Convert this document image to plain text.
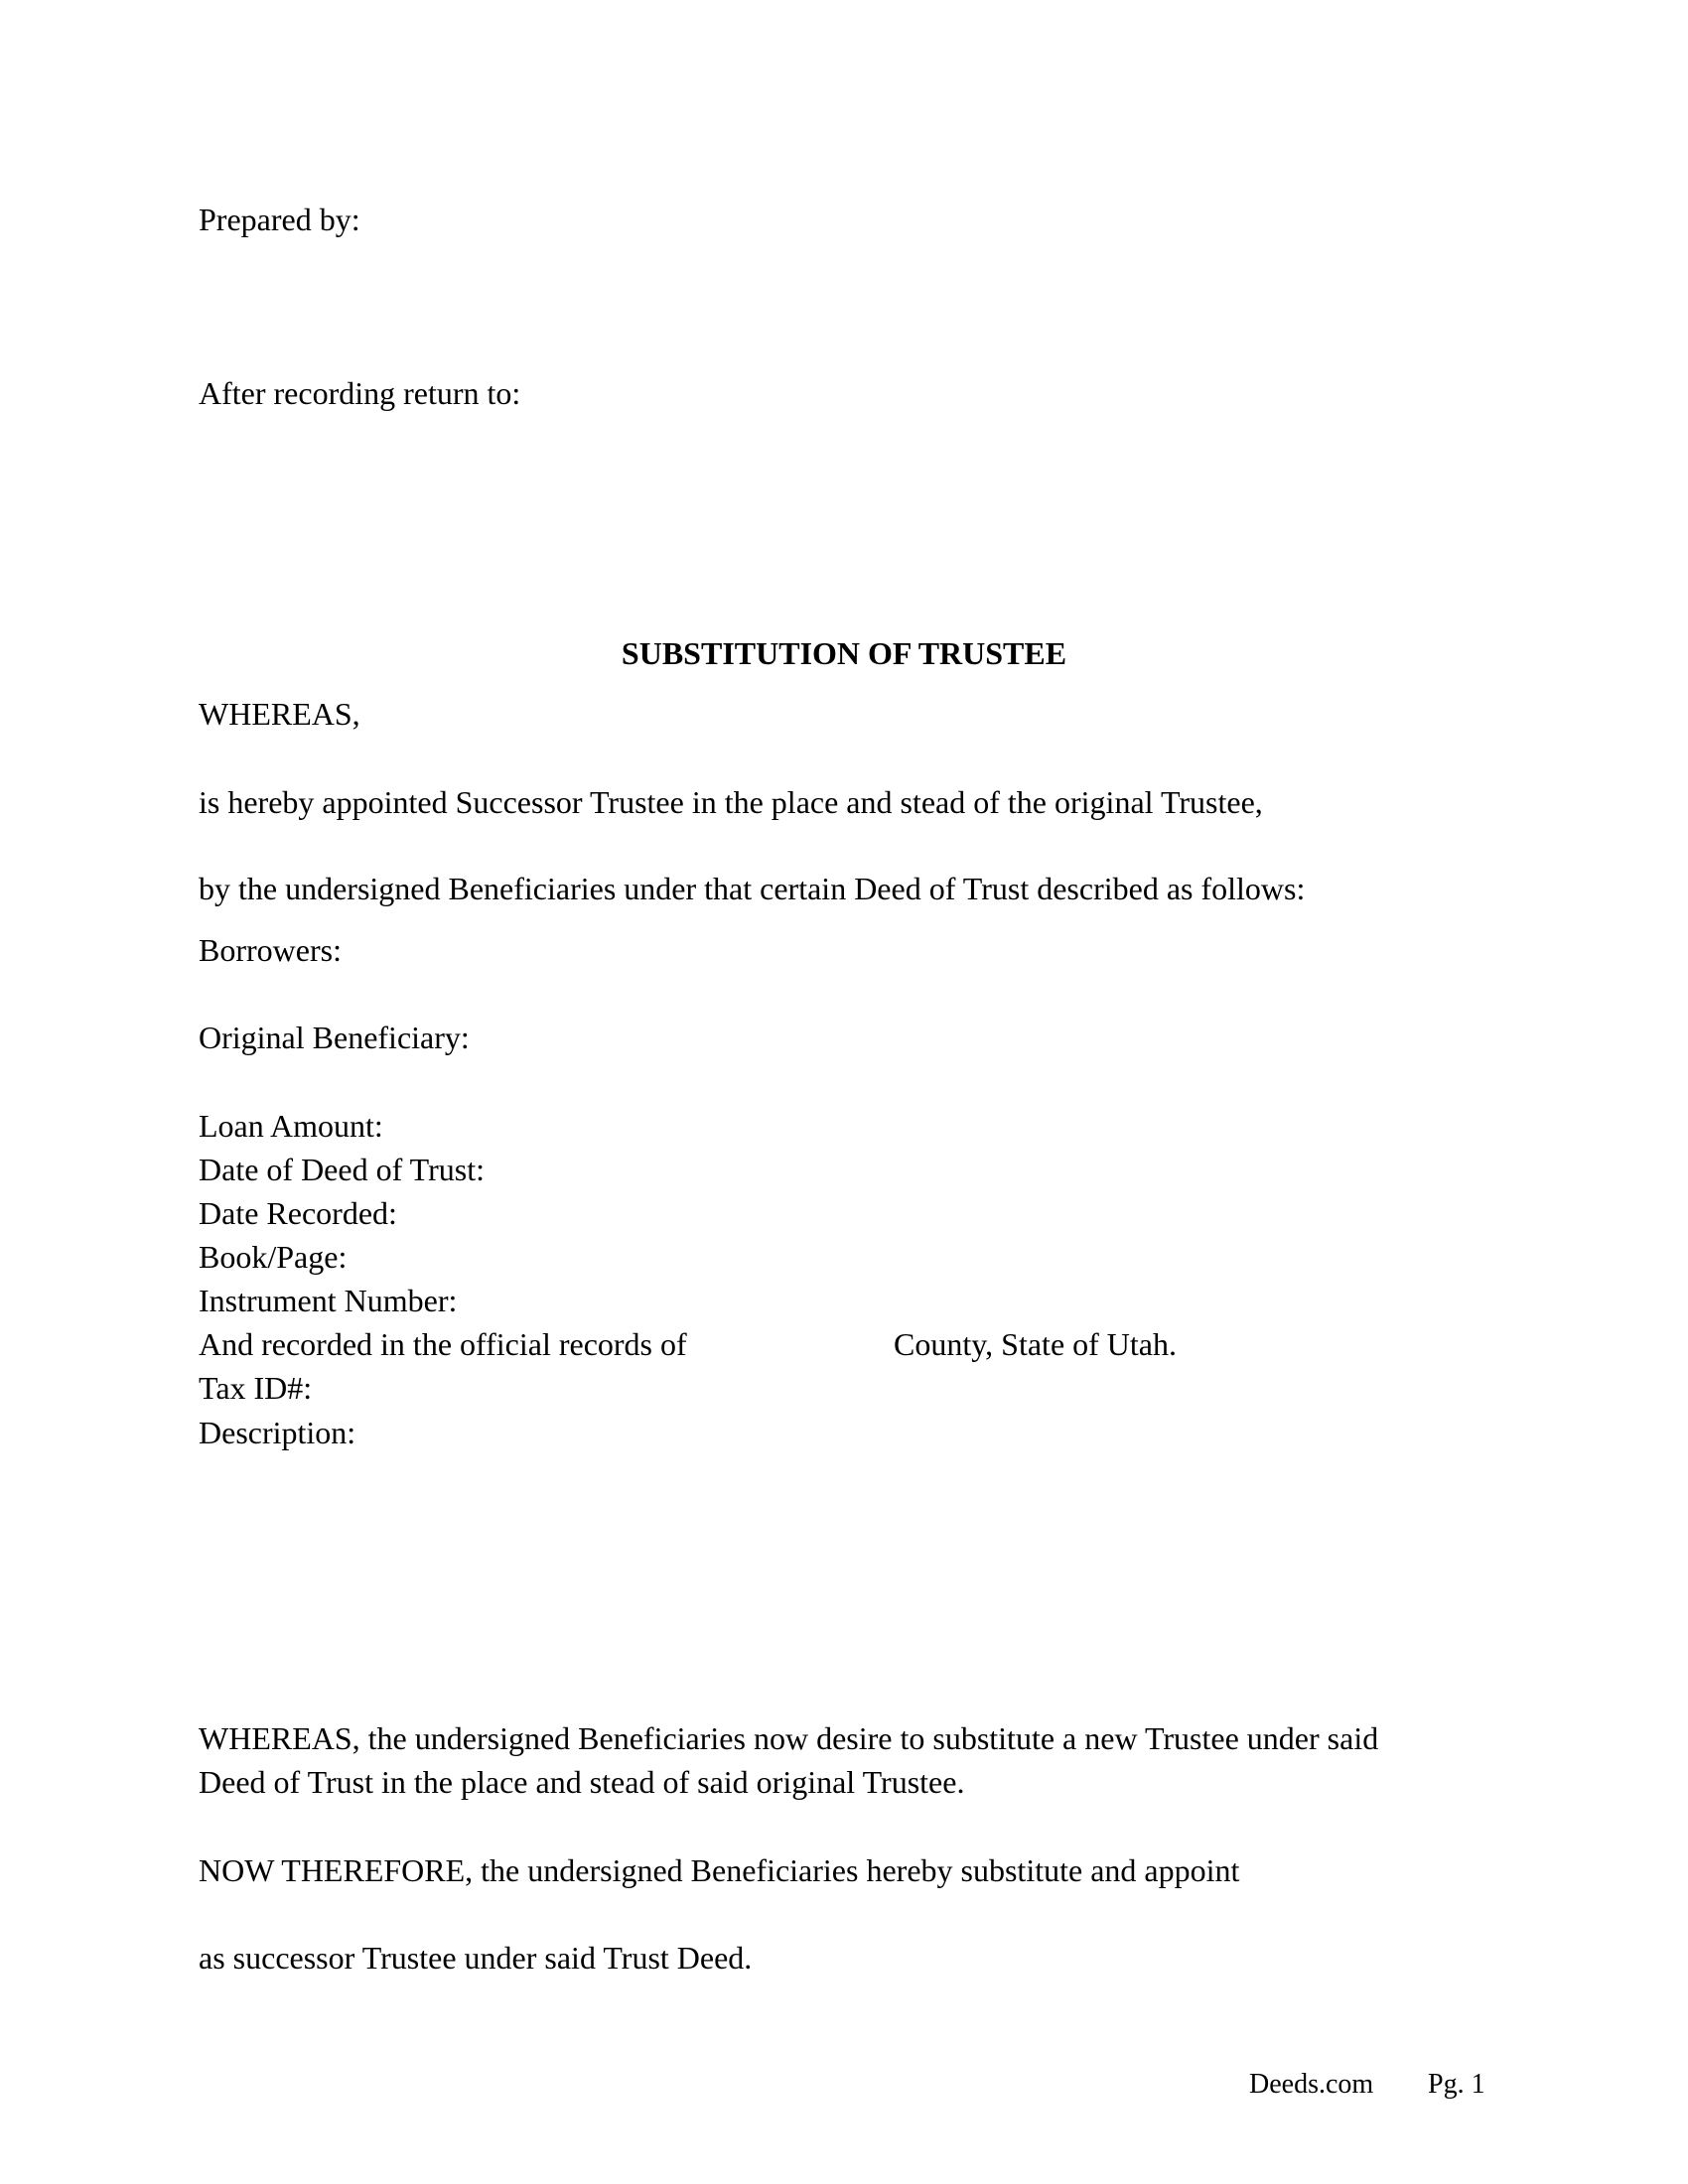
Prepared by:
After recording return to:
SUBSTITUTION OF TRUSTEE
WHEREAS,
is hereby appointed Successor Trustee in the place and stead of the original Trustee,
by the undersigned Beneficiaries under that certain Deed of Trust described as follows:
Borrowers:
Original Beneficiary:
Loan Amount:
Date of Deed of Trust:
Date Recorded:
Book/Page:
Instrument Number:
And recorded in the official records of	County, State of Utah.
Tax ID#:
Description:
WHEREAS, the undersigned Beneficiaries now desire to substitute a new Trustee under said
Deed of Trust in the place and stead of said original Trustee.
NOW THEREFORE, the undersigned Beneficiaries hereby substitute and appoint
as successor Trustee under said Trust Deed.
Deeds.com Pg. 1
